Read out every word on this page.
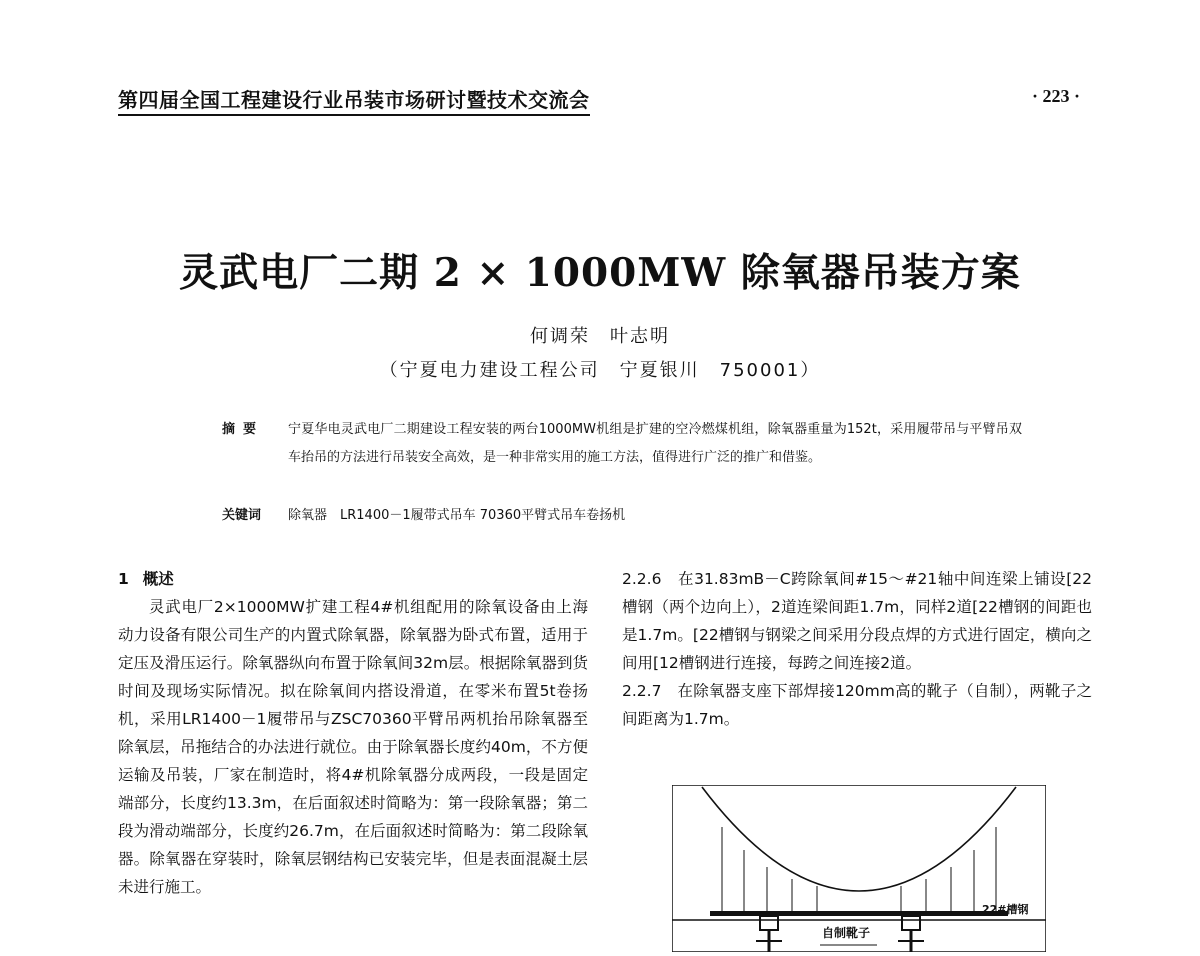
第四届全国工程建设行业吊装市场研讨暨技术交流会	· 223 ·
灵武电厂二期 2 × 1000MW 除氧器吊装方案
何调荣　叶志明
（宁夏电力建设工程公司　宁夏银川　750001）
摘要 宁夏华电灵武电厂二期建设工程安装的两台1000MW机组是扩建的空冷燃煤机组，除氧器重量为152t，采用履带吊与平臂吊双车抬吊的方法进行吊装安全高效，是一种非常实用的施工方法，值得进行广泛的推广和借鉴。
关键词 除氧器　LR1400－1履带式吊车 70360平臂式吊车卷扬机
1 概述

灵武电厂2×1000MW扩建工程4#机组配用的除氧设备由上海动力设备有限公司生产的内置式除氧器，除氧器为卧式布置，适用于定压及滑压运行。除氧器纵向布置于除氧间32m层。根据除氧器到货时间及现场实际情况。拟在除氧间内搭设滑道，在零米布置5t卷扬机，采用LR1400－1履带吊与ZSC70360平臂吊两机抬吊除氧器至除氧层，吊拖结合的办法进行就位。由于除氧器长度约40m，不方便运输及吊装，厂家在制造时，将4#机除氧器分成两段，一段是固定端部分，长度约13.3m，在后面叙述时简略为：第一段除氧器；第二段为滑动端部分，长度约26.7m，在后面叙述时简略为：第二段除氧器。除氧器在穿装时，除氧层钢结构已安装完毕，但是表面混凝土层未进行施工。

2.2.6　在31.83mB－C跨除氧间#15～#21轴中间连梁上铺设[22槽钢（两个边向上），2道连梁间距1.7m，同样2道[22槽钢的间距也是1.7m。[22槽钢与钢梁之间采用分段点焊的方式进行固定，横向之间用[12槽钢进行连接，每跨之间连接2道。

2.2.7　在除氧器支座下部焊接120mm高的靴子（自制），两靴子之间距离为1.7m。

22#槽钢
自制靴子
